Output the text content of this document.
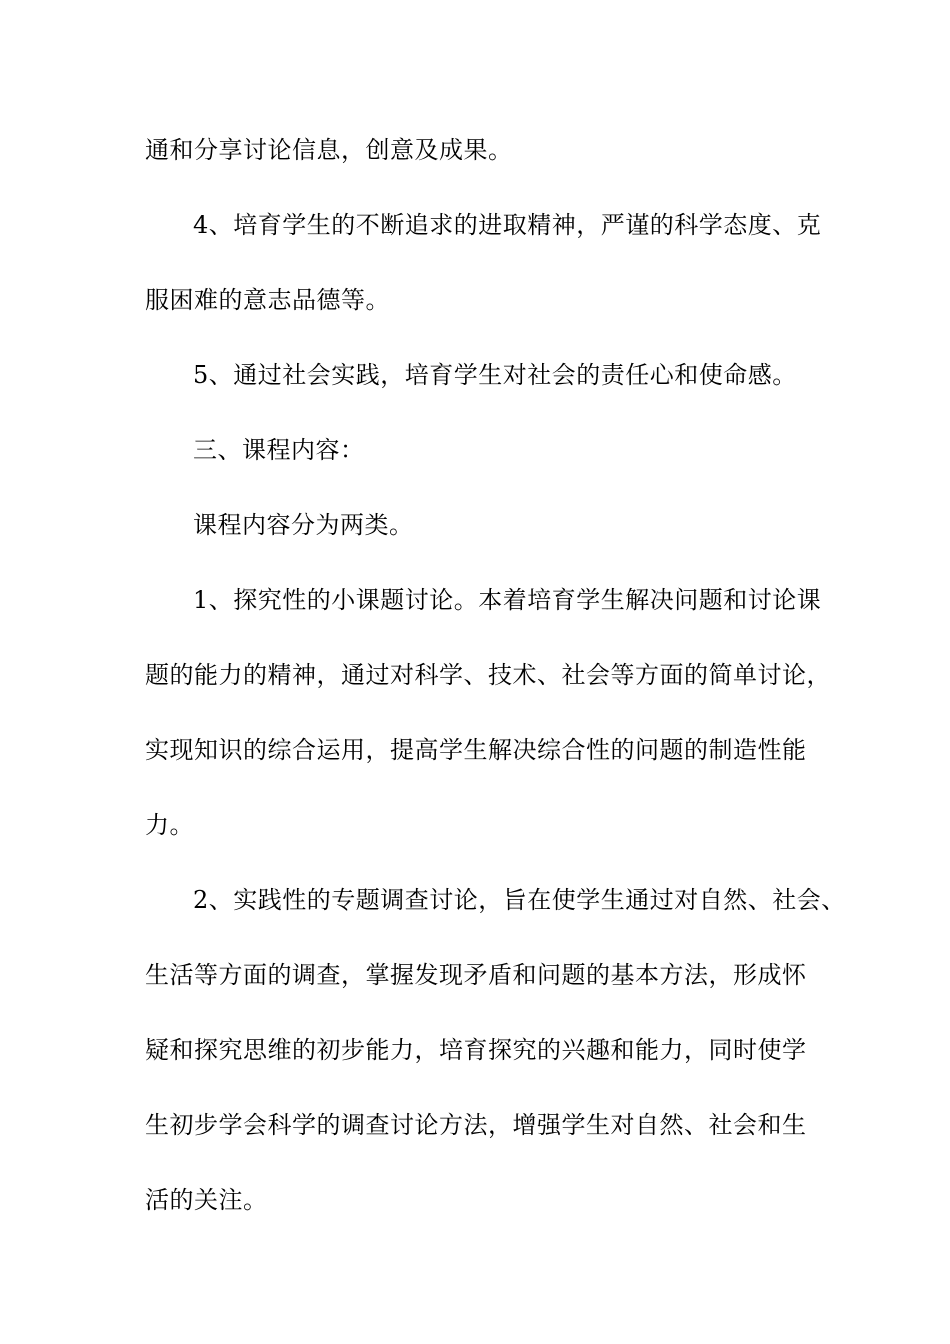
通和分享讨论信息，创意及成果。
4、培育学生的不断追求的进取精神，严谨的科学态度、克
服困难的意志品德等。
5、通过社会实践，培育学生对社会的责任心和使命感。
三、课程内容：
课程内容分为两类。
1、探究性的小课题讨论。本着培育学生解决问题和讨论课
题的能力的精神，通过对科学、技术、社会等方面的简单讨论，
实现知识的综合运用，提高学生解决综合性的问题的制造性能
力。
2、实践性的专题调查讨论，旨在使学生通过对自然、社会、
生活等方面的调查，掌握发现矛盾和问题的基本方法，形成怀
疑和探究思维的初步能力，培育探究的兴趣和能力，同时使学
生初步学会科学的调查讨论方法，增强学生对自然、社会和生
活的关注。
